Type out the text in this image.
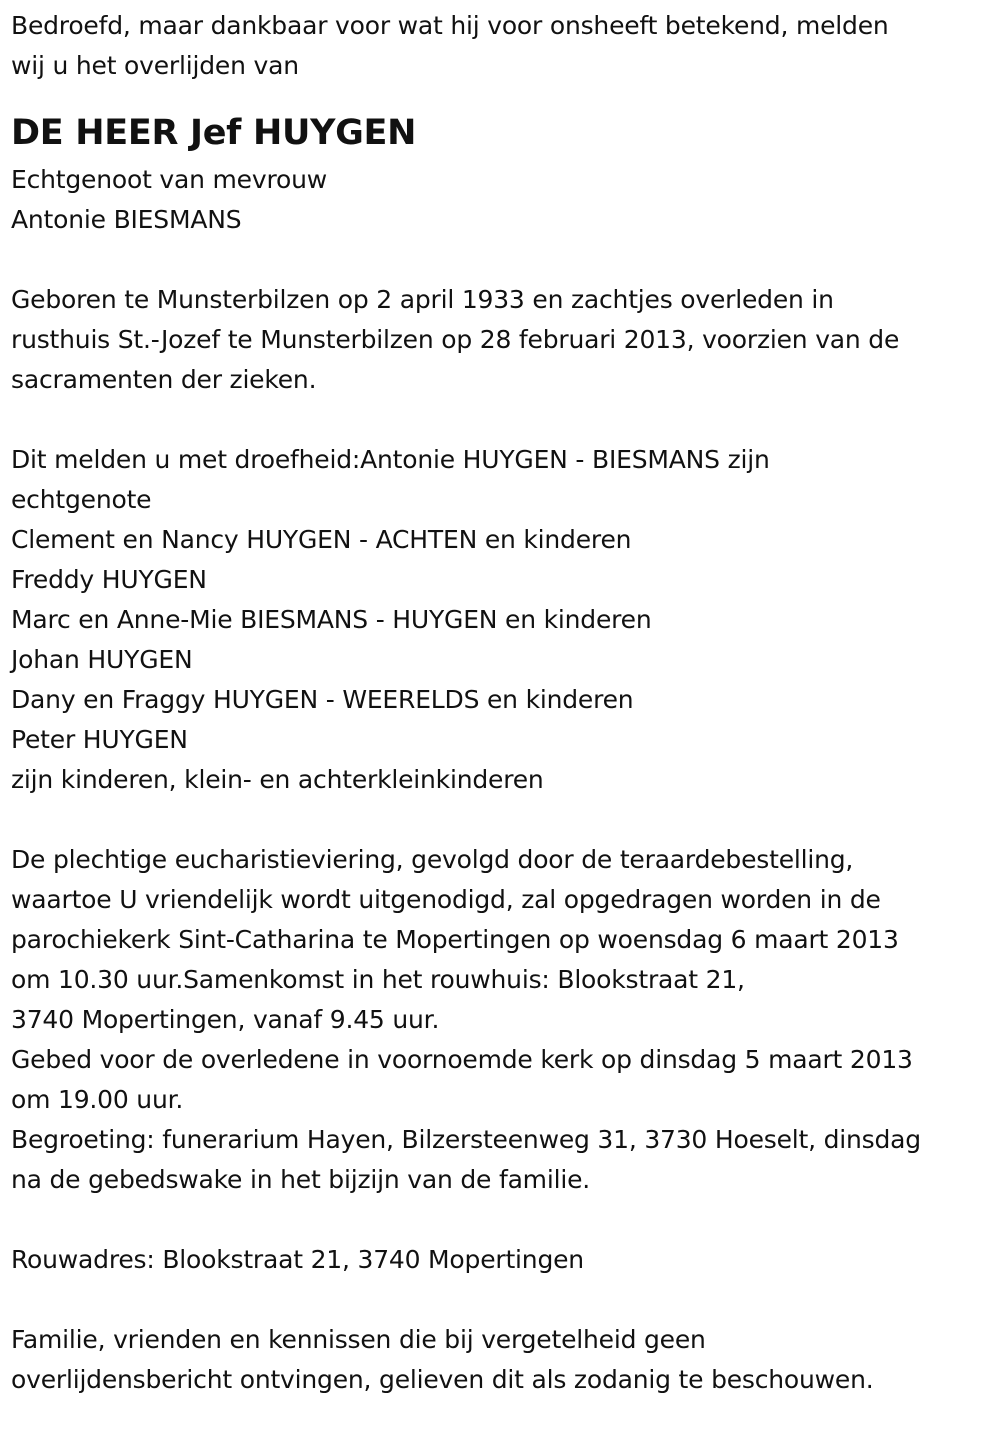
Bedroefd, maar dankbaar voor wat hij voor onsheeft betekend, melden
wij u het overlijden van
DE HEER Jef HUYGEN
Echtgenoot van mevrouw
Antonie BIESMANS
Geboren te Munsterbilzen op 2 april 1933 en zachtjes overleden in
rusthuis St.-Jozef te Munsterbilzen op 28 februari 2013, voorzien van de
sacramenten der zieken.
Dit melden u met droefheid:Antonie HUYGEN - BIESMANS zijn
echtgenote
Clement en Nancy HUYGEN - ACHTEN en kinderen
Freddy HUYGEN
Marc en Anne-Mie BIESMANS - HUYGEN en kinderen
Johan HUYGEN
Dany en Fraggy HUYGEN - WEERELDS en kinderen
Peter HUYGEN
zijn kinderen, klein- en achterkleinkinderen
De plechtige eucharistieviering, gevolgd door de teraardebestelling,
waartoe U vriendelijk wordt uitgenodigd, zal opgedragen worden in de
parochiekerk Sint-Catharina te Mopertingen op woensdag 6 maart 2013
om 10.30 uur.Samenkomst in het rouwhuis: Blookstraat 21,
3740 Mopertingen, vanaf 9.45 uur.
Gebed voor de overledene in voornoemde kerk op dinsdag 5 maart 2013
om 19.00 uur.
Begroeting: funerarium Hayen, Bilzersteenweg 31, 3730 Hoeselt, dinsdag
na de gebedswake in het bijzijn van de familie.
Rouwadres: Blookstraat 21, 3740 Mopertingen
Familie, vrienden en kennissen die bij vergetelheid geen
overlijdensbericht ontvingen, gelieven dit als zodanig te beschouwen.
